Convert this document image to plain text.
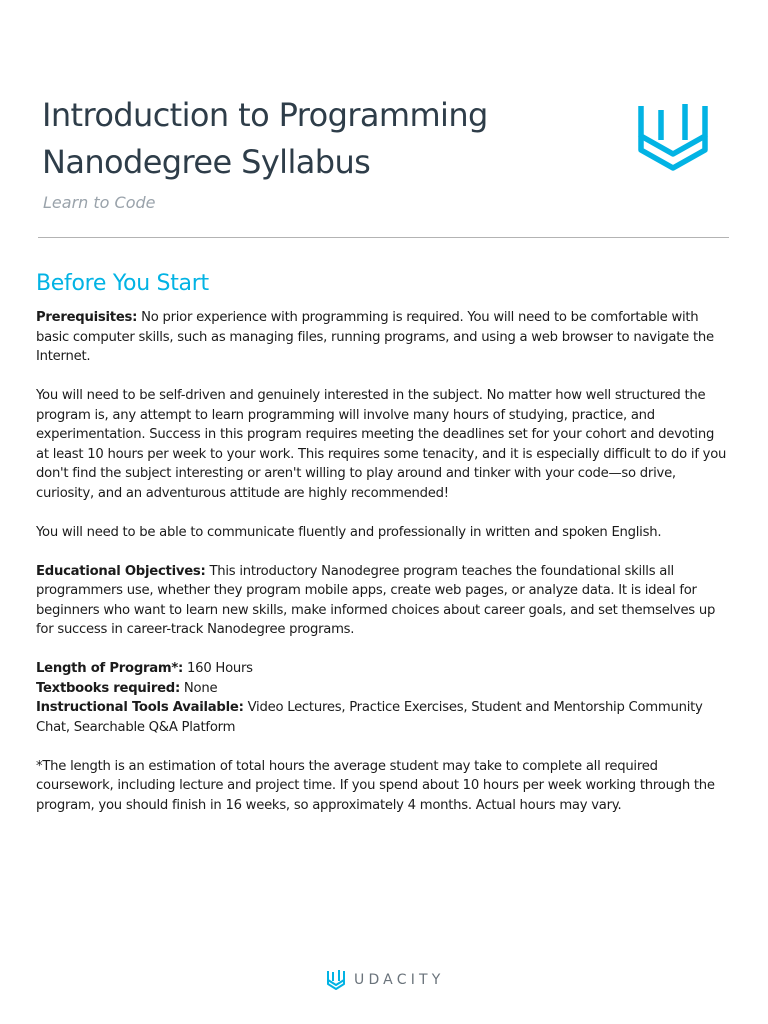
Introduction to Programming
Nanodegree Syllabus

Learn to Code

Before You Start

Prerequisites: No prior experience with programming is required. You will need to be comfortable with
basic computer skills, such as managing files, running programs, and using a web browser to navigate the
Internet.

You will need to be self-driven and genuinely interested in the subject. No matter how well structured the
program is, any attempt to learn programming will involve many hours of studying, practice, and
experimentation. Success in this program requires meeting the deadlines set for your cohort and devoting
at least 10 hours per week to your work. This requires some tenacity, and it is especially difficult to do if you
don't find the subject interesting or aren't willing to play around and tinker with your code—so drive,
curiosity, and an adventurous attitude are highly recommended!

You will need to be able to communicate fluently and professionally in written and spoken English.

Educational Objectives: This introductory Nanodegree program teaches the foundational skills all
programmers use, whether they program mobile apps, create web pages, or analyze data. It is ideal for
beginners who want to learn new skills, make informed choices about career goals, and set themselves up
for success in career-track Nanodegree programs.

Length of Program*: 160 Hours
Textbooks required: None
Instructional Tools Available: Video Lectures, Practice Exercises, Student and Mentorship Community
Chat, Searchable Q&A Platform

*The length is an estimation of total hours the average student may take to complete all required
coursework, including lecture and project time. If you spend about 10 hours per week working through the
program, you should finish in 16 weeks, so approximately 4 months. Actual hours may vary.

UDACITY
